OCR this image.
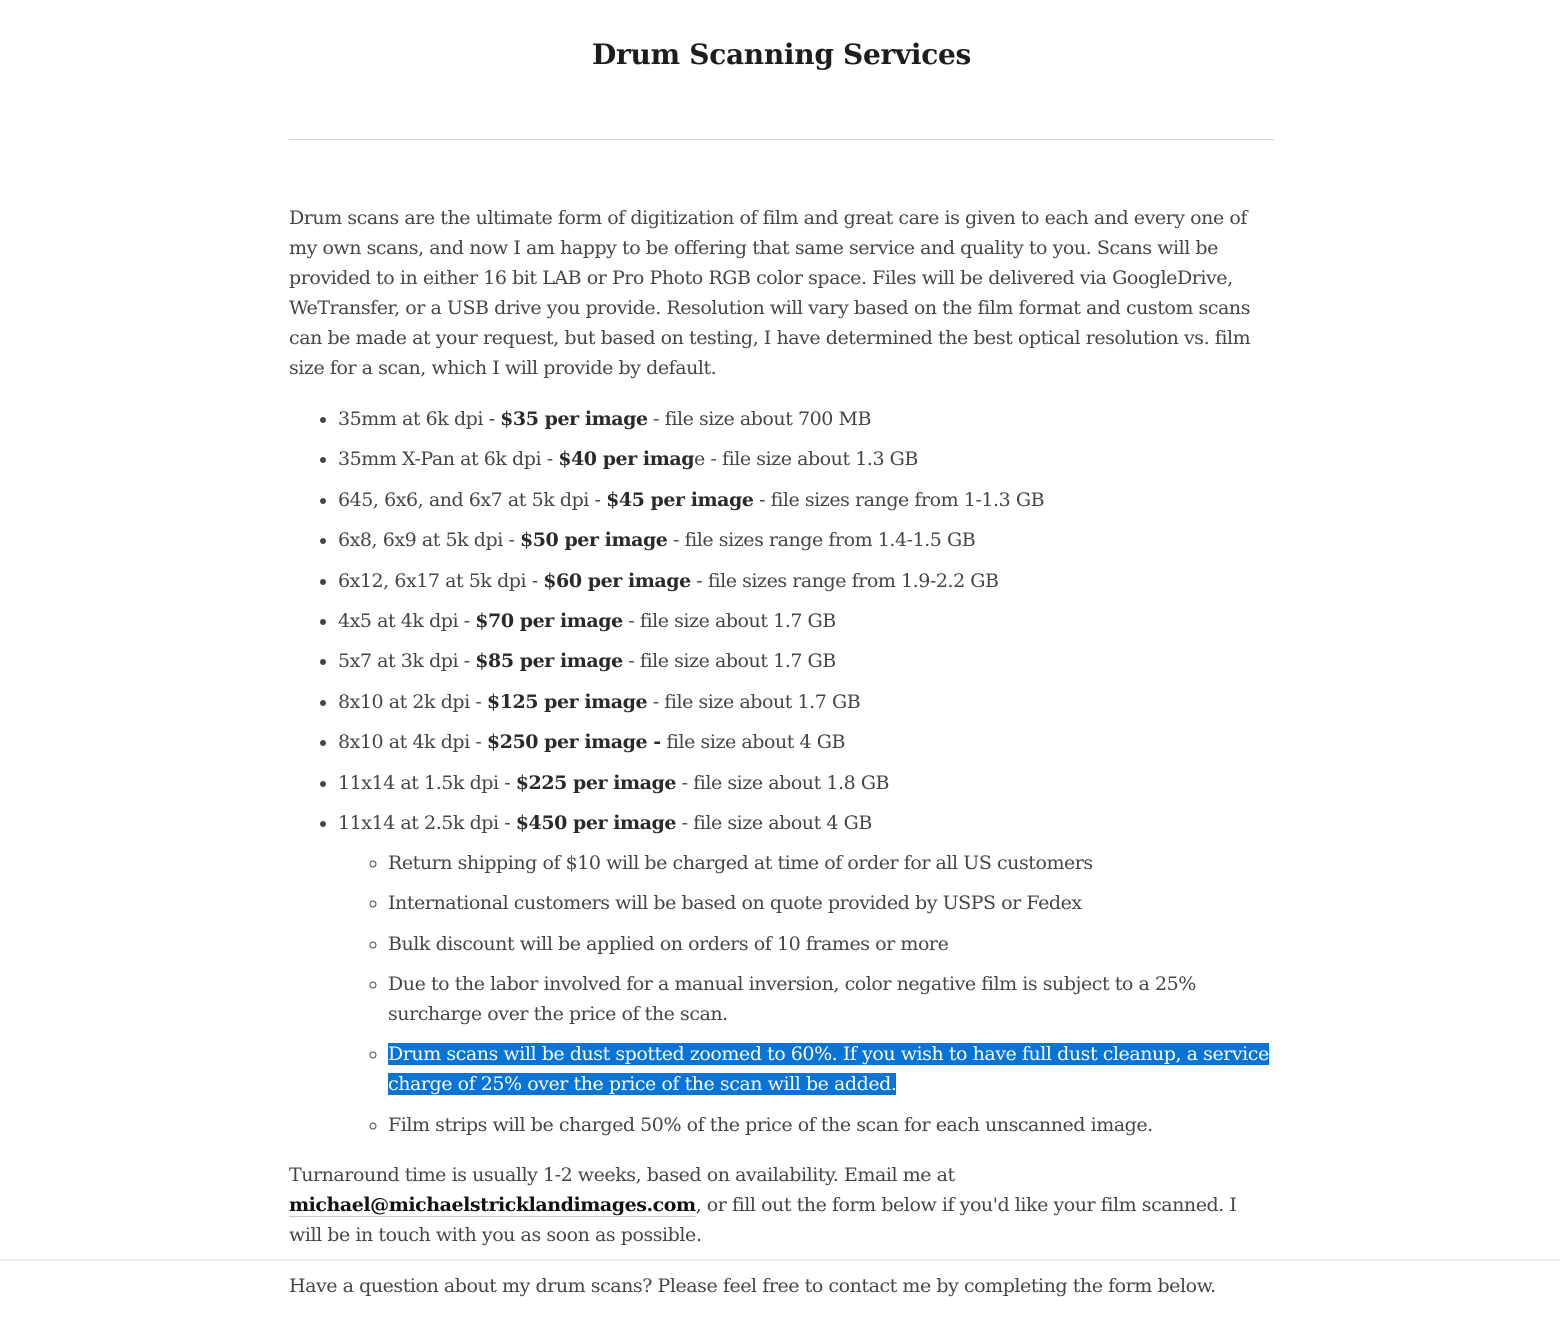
Drum Scanning Services

Drum scans are the ultimate form of digitization of film and great care is given to each and every one of my own scans, and now I am happy to be offering that same service and quality to you. Scans will be provided to in either 16 bit LAB or Pro Photo RGB color space. Files will be delivered via GoogleDrive, WeTransfer, or a USB drive you provide. Resolution will vary based on the film format and custom scans can be made at your request, but based on testing, I have determined the best optical resolution vs. film size for a scan, which I will provide by default.

• 35mm at 6k dpi - $35 per image - file size about 700 MB
• 35mm X-Pan at 6k dpi - $40 per image - file size about 1.3 GB
• 645, 6x6, and 6x7 at 5k dpi - $45 per image - file sizes range from 1-1.3 GB
• 6x8, 6x9 at 5k dpi - $50 per image - file sizes range from 1.4-1.5 GB
• 6x12, 6x17 at 5k dpi - $60 per image - file sizes range from 1.9-2.2 GB
• 4x5 at 4k dpi - $70 per image - file size about 1.7 GB
• 5x7 at 3k dpi - $85 per image - file size about 1.7 GB
• 8x10 at 2k dpi - $125 per image - file size about 1.7 GB
• 8x10 at 4k dpi - $250 per image - file size about 4 GB
• 11x14 at 1.5k dpi - $225 per image - file size about 1.8 GB
• 11x14 at 2.5k dpi - $450 per image - file size about 4 GB
◦ Return shipping of $10 will be charged at time of order for all US customers
◦ International customers will be based on quote provided by USPS or Fedex
◦ Bulk discount will be applied on orders of 10 frames or more
◦ Due to the labor involved for a manual inversion, color negative film is subject to a 25% surcharge over the price of the scan.
◦ Drum scans will be dust spotted zoomed to 60%. If you wish to have full dust cleanup, a service charge of 25% over the price of the scan will be added.
◦ Film strips will be charged 50% of the price of the scan for each unscanned image.

Turnaround time is usually 1-2 weeks, based on availability. Email me at michael@michaelstricklandimages.com, or fill out the form below if you'd like your film scanned. I will be in touch with you as soon as possible.

Have a question about my drum scans? Please feel free to contact me by completing the form below.
